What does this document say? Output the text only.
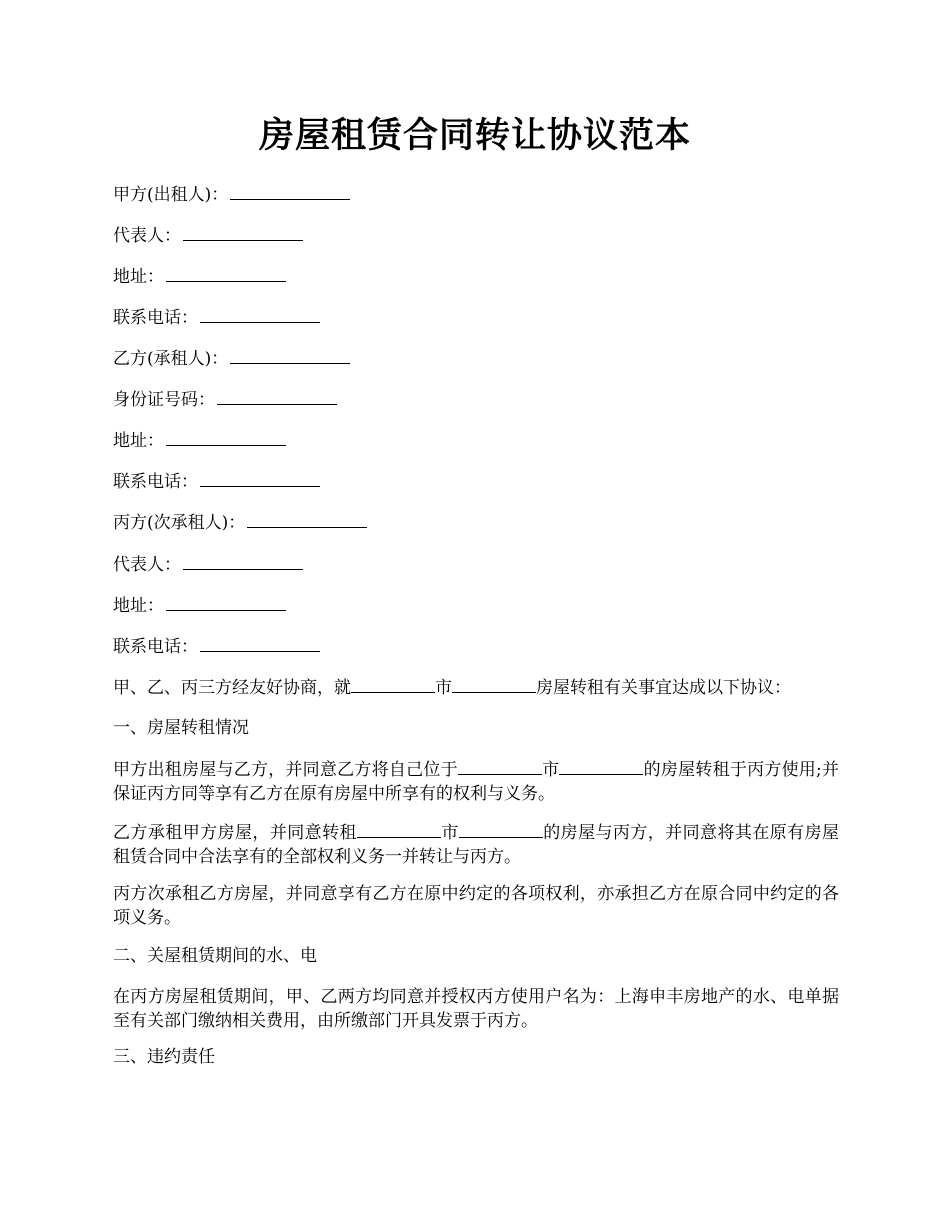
房屋租赁合同转让协议范本
甲方(出租人)：
代表人：
地址：
联系电话：
乙方(承租人)：
身份证号码：
地址：
联系电话：
丙方(次承租人)：
代表人：
地址：
联系电话：
甲、乙、丙三方经友好协商，就	市	房屋转租有关事宜达成以下协议：
一、房屋转租情况
甲方出租房屋与乙方，并同意乙方将自己位于	市	的房屋转租于丙方使用;并保证丙方同等享有乙方在原有房屋中所享有的权利与义务。
乙方承租甲方房屋，并同意转租	市	的房屋与丙方，并同意将其在原有房屋租赁合同中合法享有的全部权利义务一并转让与丙方。
丙方次承租乙方房屋，并同意享有乙方在原中约定的各项权利，亦承担乙方在原合同中约定的各项义务。
二、关屋租赁期间的水、电
在丙方房屋租赁期间，甲、乙两方均同意并授权丙方使用户名为：上海申丰房地产的水、电单据至有关部门缴纳相关费用，由所缴部门开具发票于丙方。
三、违约责任
